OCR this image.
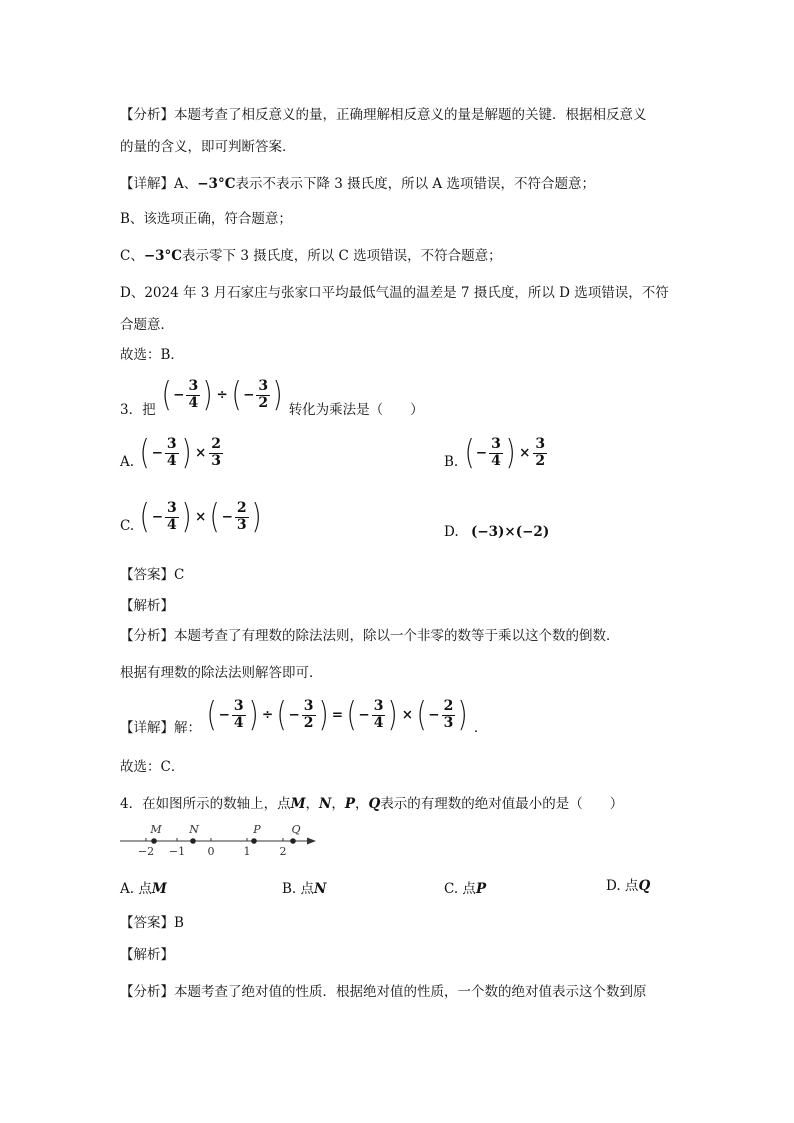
【分析】本题考查了相反意义的量，正确理解相反意义的量是解题的关键．根据相反意义
的量的含义，即可判断答案．
【详解】A、−3°C表示不表示下降 3 摄氏度，所以 A 选项错误，不符合题意；
B、该选项正确，符合题意；
C、−3°C表示零下 3 摄氏度，所以 C 选项错误，不符合题意；
D、2024 年 3 月石家庄与张家口平均最低气温的温差是 7 摄氏度，所以 D 选项错误，不符
合题意．
故选：B．
3．把 ( − $\frac{3}{4}$ ) ÷ ( − $\frac{3}{2}$ ) 转化为乘法是（　　）
A. ( − $\frac{3}{4}$ ) × $\frac{2}{3}$	B. ( − $\frac{3}{4}$ ) × $\frac{3}{2}$
C. ( − $\frac{3}{4}$ ) × ( − $\frac{2}{3}$ )	D. (−3)×(−2)
【答案】C
【解析】
【分析】本题考查了有理数的除法法则，除以一个非零的数等于乘以这个数的倒数．
根据有理数的除法法则解答即可．
【详解】解： ( − $\frac{3}{4}$ ) ÷ ( − $\frac{3}{2}$ ) = ( − $\frac{3}{4}$ ) × ( − $\frac{2}{3}$ ) ．
故选：C．
4．在如图所示的数轴上，点M，N，P，Q表示的有理数的绝对值最小的是（　　）
−2 −1 0	1	2
M	N	P	Q
A. 点M	B. 点N	C. 点P	D. 点Q
【答案】B
【解析】
【分析】本题考查了绝对值的性质．根据绝对值的性质，一个数的绝对值表示这个数到原
